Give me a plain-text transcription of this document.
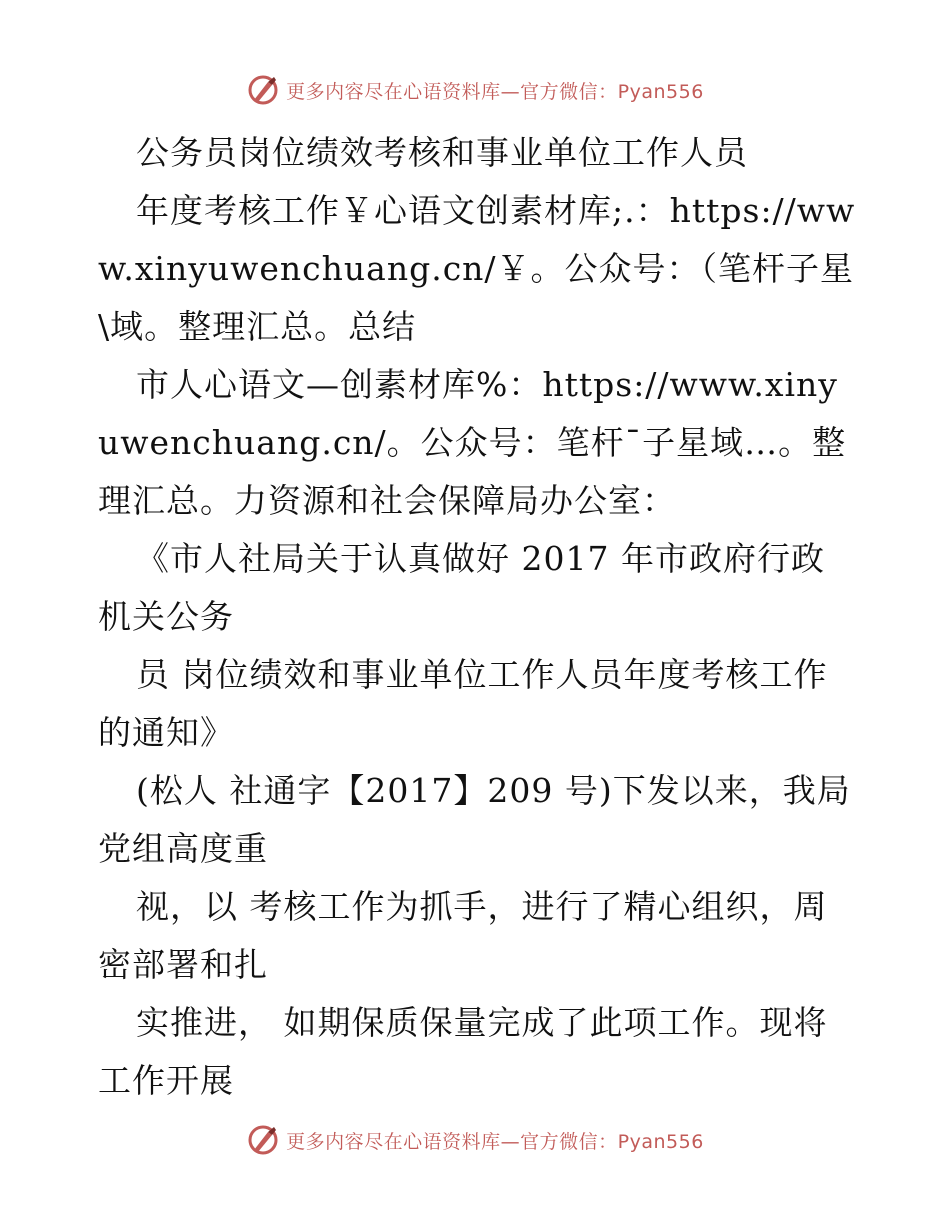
更多内容尽在心语资料库—官方微信：Pyan556

公务员岗位绩效考核和事业单位工作人员

年度考核工作￥心语文创素材库;.：https://www.xinyuwenchuang.cn/￥。公众号：（笔杆子星\域。整理汇总。总结

市人心语文—创素材库%：https://www.xinyuwenchuang.cn/。公众号：笔杆¯子星域…。整理汇总。力资源和社会保障局办公室：

《市人社局关于认真做好 2017 年市政府行政机关公务

员 岗位绩效和事业单位工作人员年度考核工作的通知》

(松人 社通字【2017】209 号)下发以来，我局党组高度重

视，以 考核工作为抓手，进行了精心组织，周密部署和扎

实推进， 如期保质保量完成了此项工作。现将工作开展

更多内容尽在心语资料库—官方微信：Pyan556
